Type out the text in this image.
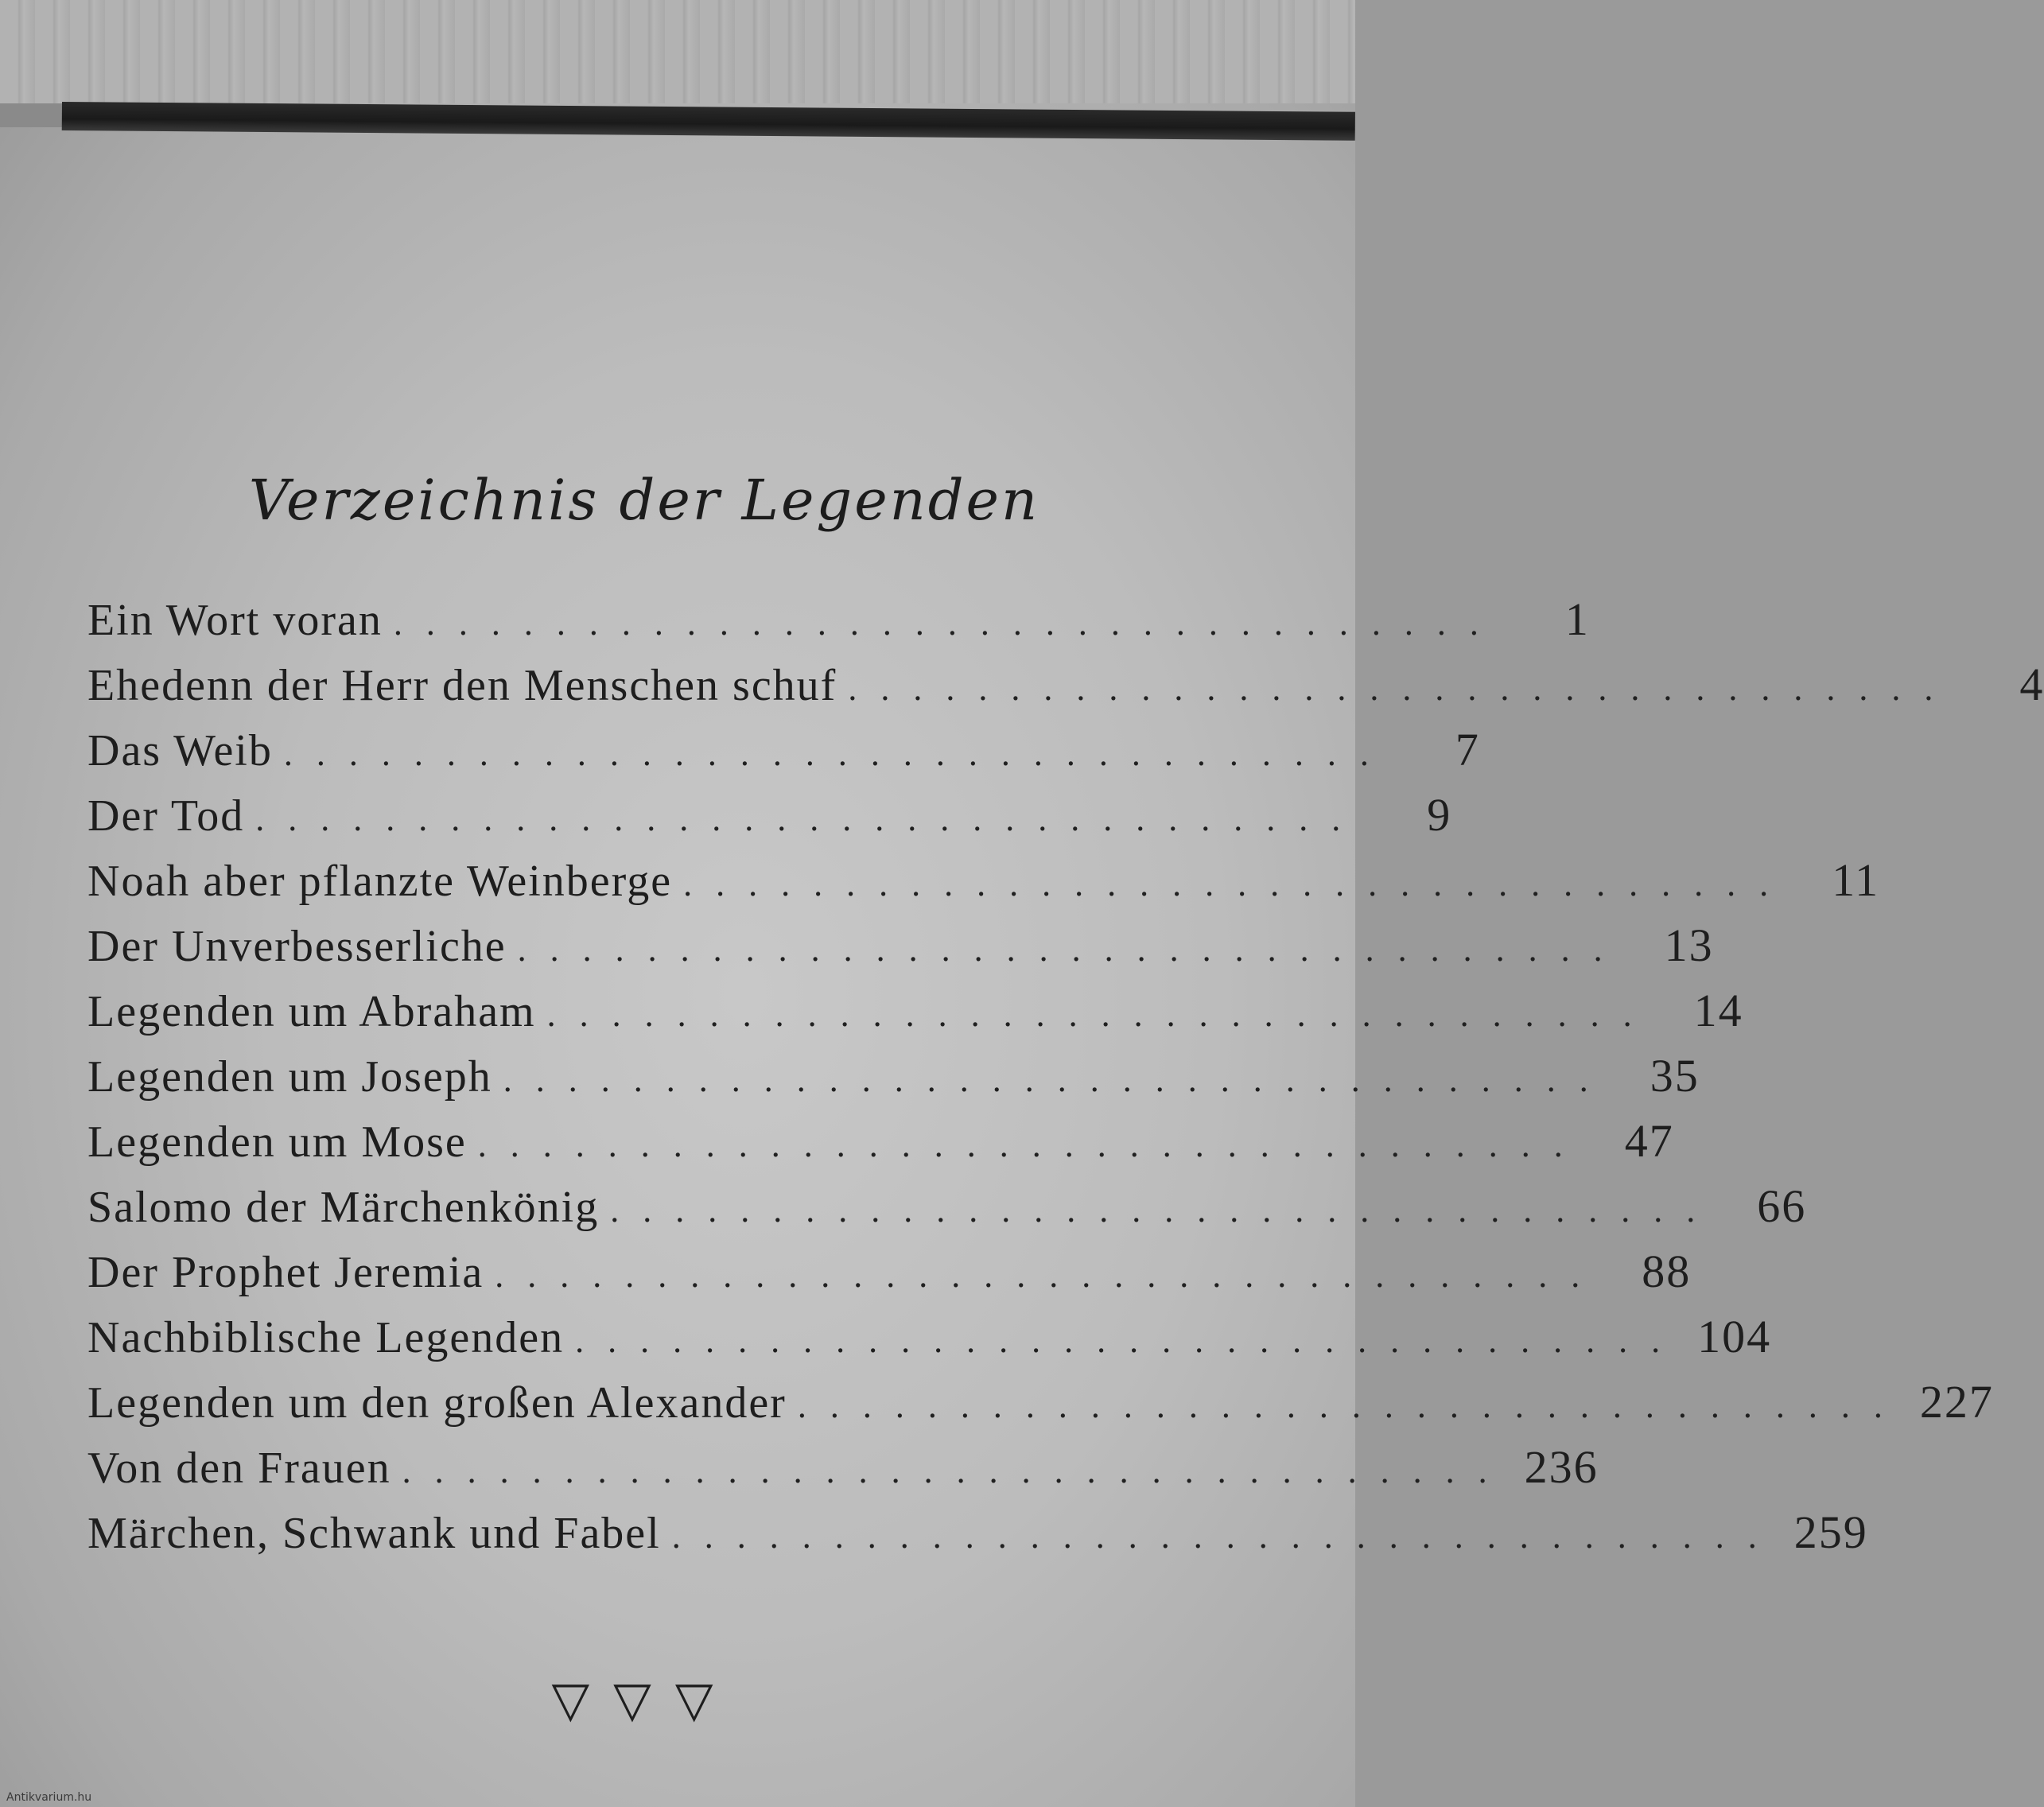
Verzeichnis der Legenden
Ein Wort voran ..................................	1
Ehedenn der Herr den Menschen schuf ..................................	4
Das Weib ..................................	7
Der Tod ..................................	9
Noah aber pflanzte Weinberge .................................. 11
Der Unverbesserliche .................................. 13
Legenden um Abraham .................................. 14
Legenden um Joseph .................................. 35
Legenden um Mose .................................. 47
Salomo der Märchenkönig .................................. 66
Der Prophet Jeremia .................................. 88
Nachbiblische Legenden .................................. 104
Legenden um den großen Alexander .................................. 227
Von den Frauen .................................. 236
Märchen, Schwank und Fabel .................................. 259
▽▽▽
Antikvarium.hu
